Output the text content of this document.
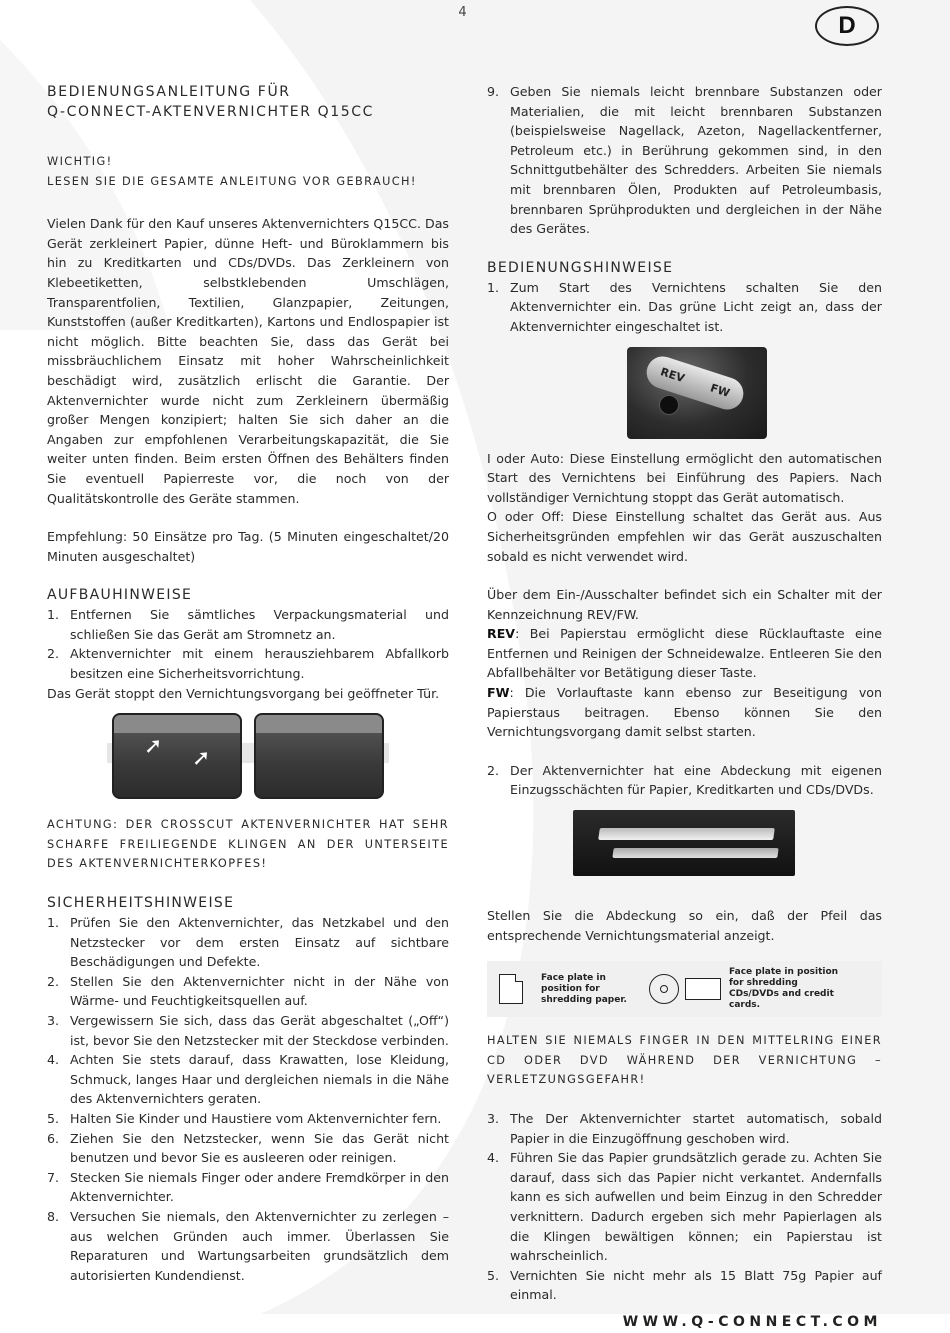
4	D
BEDIENUNGSANLEITUNG FÜR
Q-CONNECT-AKTENVERNICHTER Q15CC
WICHTIG!
LESEN SIE DIE GESAMTE ANLEITUNG VOR GEBRAUCH!

Vielen Dank für den Kauf unseres Aktenvernichters Q15CC. Das Gerät zerkleinert Papier, dünne Heft- und Büroklammern bis hin zu Kreditkarten und CDs/DVDs. Das Zerkleinern von Klebeetiketten, selbstklebenden Umschlägen, Transparentfolien, Textilien, Glanzpapier, Zeitungen, Kunststoffen (außer Kreditkarten), Kartons und Endlospapier ist nicht möglich. Bitte beachten Sie, dass das Gerät bei missbräuchlichem Einsatz mit hoher Wahrscheinlichkeit beschädigt wird, zusätzlich erlischt die Garantie. Der Aktenvernichter wurde nicht zum Zerkleinern übermäßig großer Mengen konzipiert; halten Sie sich daher an die Angaben zur empfohlenen Verarbeitungskapazität, die Sie weiter unten finden. Beim ersten Öffnen des Behälters finden Sie eventuell Papierreste vor, die noch von der Qualitätskontrolle des Geräte stammen.

Empfehlung: 50 Einsätze pro Tag. (5 Minuten eingeschaltet/20 Minuten ausgeschaltet)

AUFBAUHINWEISE
1. Entfernen Sie sämtliches Verpackungsmaterial und schließen Sie das Gerät am Stromnetz an.
2. Aktenvernichter mit einem herausziehbarem Abfallkorb besitzen eine Sicherheitsvorrichtung.

Das Gerät stoppt den Vernichtungsvorgang bei geöffneter Tür.

➚ ➚
ACHTUNG: DER CROSSCUT AKTENVERNICHTER HAT SEHR SCHARFE FREILIEGENDE KLINGEN AN DER UNTERSEITE DES AKTENVERNICHTERKOPFES!
SICHERHEITSHINWEISE
1. Prüfen Sie den Aktenvernichter, das Netzkabel und den Netzstecker vor dem ersten Einsatz auf sichtbare Beschädigungen und Defekte.
2. Stellen Sie den Aktenvernichter nicht in der Nähe von Wärme- und Feuchtigkeitsquellen auf.
3. Vergewissern Sie sich, dass das Gerät abgeschaltet („Off“) ist, bevor Sie den Netzstecker mit der Steckdose verbinden.
4. Achten Sie stets darauf, dass Krawatten, lose Kleidung, Schmuck, langes Haar und dergleichen niemals in die Nähe des Aktenvernichters geraten.
5. Halten Sie Kinder und Haustiere vom Aktenvernichter fern.
6. Ziehen Sie den Netzstecker, wenn Sie das Gerät nicht benutzen und bevor Sie es ausleeren oder reinigen.
7. Stecken Sie niemals Finger oder andere Fremdkörper in den Aktenvernichter.
8. Versuchen Sie niemals, den Aktenvernichter zu zerlegen – aus welchen Gründen auch immer. Überlassen Sie Reparaturen und Wartungsarbeiten grundsätzlich dem autorisierten Kundendienst.
9. Geben Sie niemals leicht brennbare Substanzen oder Materialien, die mit leicht brennbaren Substanzen (beispielsweise Nagellack, Azeton, Nagellackentferner, Petroleum etc.) in Berührung gekommen sind, in den Schnittgutbehälter des Schredders. Arbeiten Sie niemals mit brennbaren Ölen, Produkten auf Petroleumbasis, brennbaren Sprühprodukten und dergleichen in der Nähe des Gerätes.
BEDIENUNGSHINWEISE
1. Zum Start des Vernichtens schalten Sie den Aktenvernichter ein. Das grüne Licht zeigt an, dass der Aktenvernichter eingeschaltet ist.
REV
FW

I oder Auto: Diese Einstellung ermöglicht den automatischen Start des Vernichtens bei Einführung des Papiers. Nach vollständiger Vernichtung stoppt das Gerät automatisch.

O oder Off: Diese Einstellung schaltet das Gerät aus. Aus Sicherheitsgründen empfehlen wir das Gerät auszuschalten sobald es nicht verwendet wird.

Über dem Ein-/Ausschalter befindet sich ein Schalter mit der Kennzeichnung REV/FW.

REV: Bei Papierstau ermöglicht diese Rücklauftaste eine Entfernen und Reinigen der Schneidewalze. Entleeren Sie den Abfallbehälter vor Betätigung dieser Taste.

FW: Die Vorlauftaste kann ebenso zur Beseitigung von Papierstaus beitragen. Ebenso können Sie den Vernichtungsvorgang damit selbst starten.

2. Der Aktenvernichter hat eine Abdeckung mit eigenen Einzugsschächten für Papier, Kreditkarten und CDs/DVDs.

Stellen Sie die Abdeckung so ein, daß der Pfeil das entsprechende Vernichtungsmaterial anzeigt.

Face plate in position for shredding paper.
Face plate in position for shredding CDs/DVDs and credit cards.
HALTEN SIE NIEMALS FINGER IN DEN MITTELRING EINER CD ODER DVD WÄHREND DER VERNICHTUNG – VERLETZUNGSGEFAHR!
3. The Der Aktenvernichter startet automatisch, sobald Papier in die Einzugöffnung geschoben wird.
4. Führen Sie das Papier grundsätzlich gerade zu. Achten Sie darauf, dass sich das Papier nicht verkantet. Andernfalls kann es sich aufwellen und beim Einzug in den Schredder verknittern. Dadurch ergeben sich mehr Papierlagen als die Klingen bewältigen können; ein Papierstau ist wahrscheinlich.
5. Vernichten Sie nicht mehr als 15 Blatt 75g Papier auf einmal.
WWW.Q-CONNECT.COM
